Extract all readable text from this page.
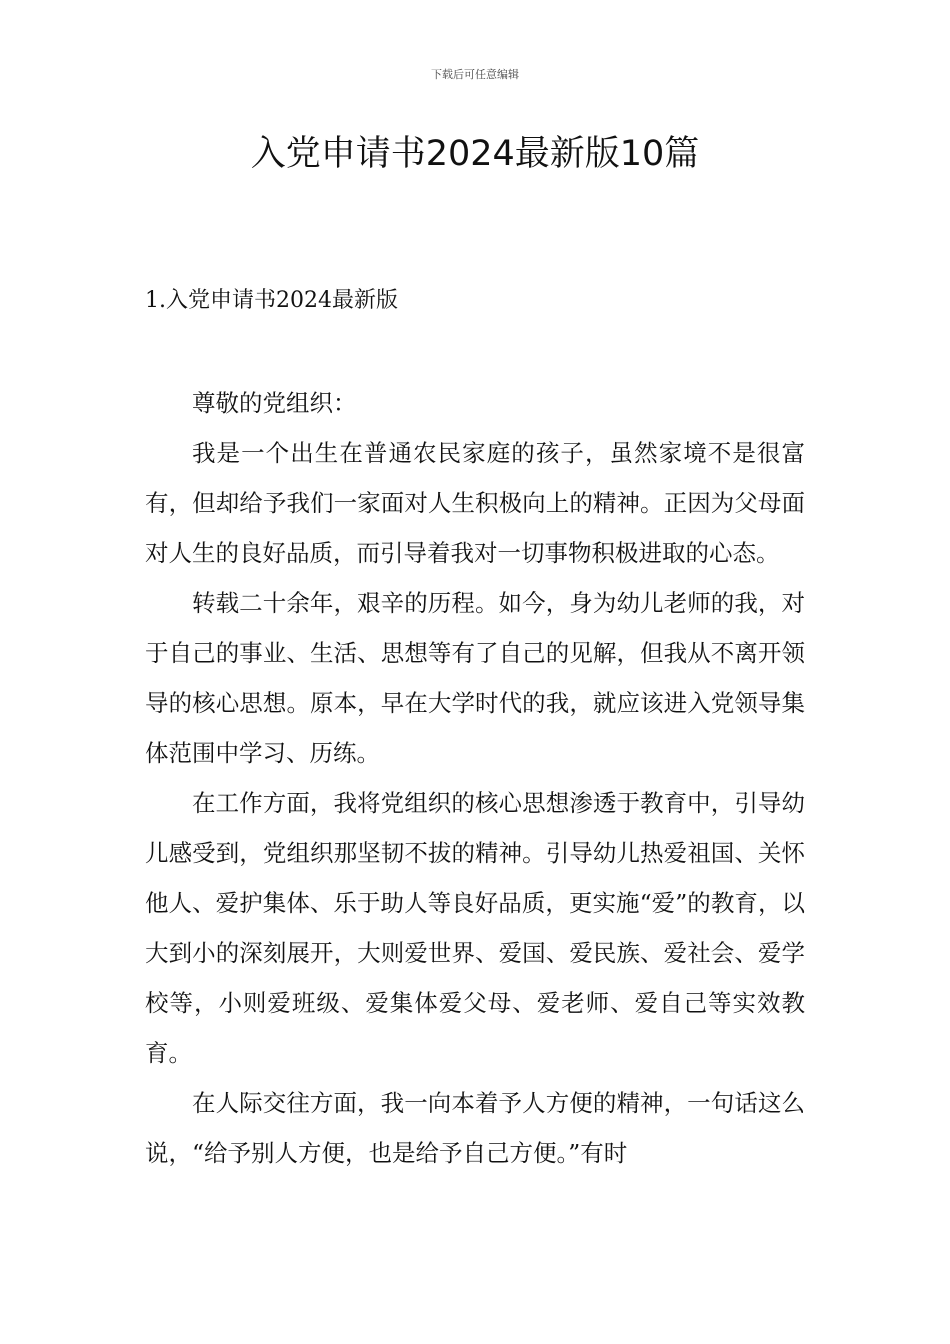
下载后可任意编辑
入党申请书2024最新版10篇
1.入党申请书2024最新版

尊敬的党组织：

我是一个出生在普通农民家庭的孩子，虽然家境不是很富有，但却给予我们一家面对人生积极向上的精神。正因为父母面对人生的良好品质，而引导着我对一切事物积极进取的心态。

转载二十余年，艰辛的历程。如今，身为幼儿老师的我，对于自己的事业、生活、思想等有了自己的见解，但我从不离开领导的核心思想。原本，早在大学时代的我，就应该进入党领导集体范围中学习、历练。

在工作方面，我将党组织的核心思想渗透于教育中，引导幼儿感受到，党组织那坚韧不拔的精神。引导幼儿热爱祖国、关怀他人、爱护集体、乐于助人等良好品质，更实施“爱”的教育，以大到小的深刻展开，大则爱世界、爱国、爱民族、爱社会、爱学校等，小则爱班级、爱集体爱父母、爱老师、爱自己等实效教育。

在人际交往方面，我一向本着予人方便的精神，一句话这么说，“给予别人方便，也是给予自己方便。”有时
